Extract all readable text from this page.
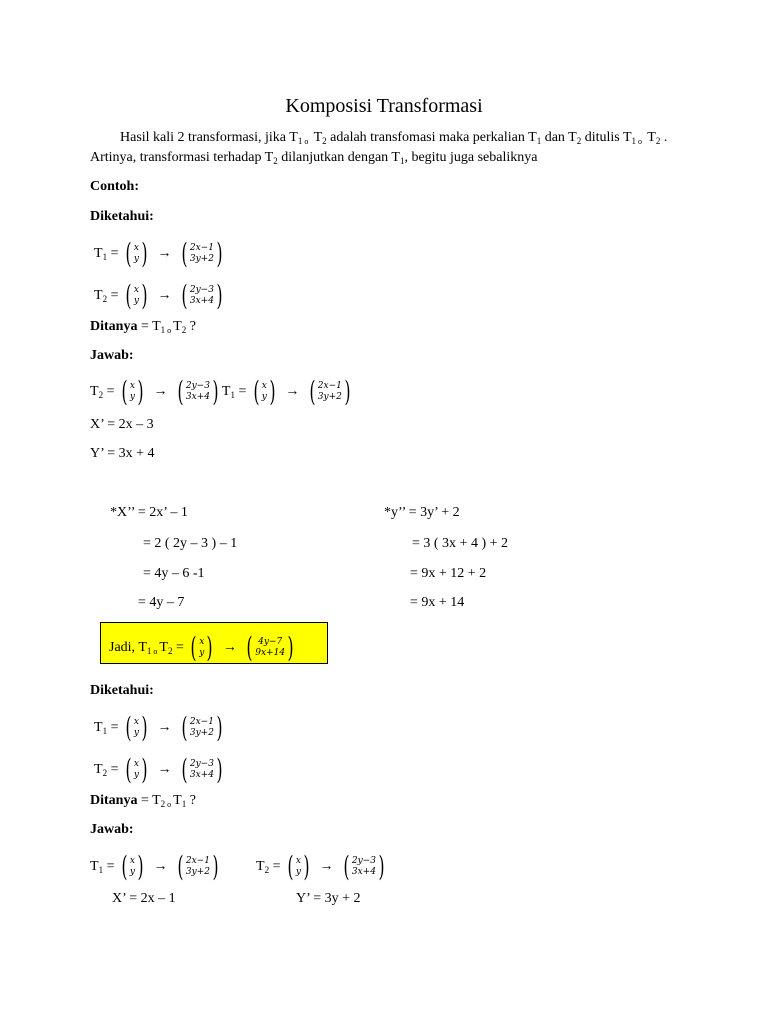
Komposisi Transformasi
Hasil kali 2 transformasi, jika $T_1$ $_o$ $T_2$ adalah transfomasi maka perkalian $T_1$ dan $T_2$ ditulis $T_1$ $_o$ $T_2$ . Artinya, transformasi terhadap $T_2$ dilanjutkan dengan $T_1$, begitu juga sebaliknya
Contoh:
Diketahui:
$T_1$ = ( x
y ) → ( 2x−1
3y+2 )
$T_2$ = ( x
y ) → ( 2y−3
3x+4 )
Ditanya = $T_1$ $_o$ $T_2$ ?
Jawab:
$T_2$ = ( x
y ) → ( 2y−3
3x+4 ) $T_1$ = ( x
y ) → ( 2x−1
3y+2 )
X’ = 2x – 3
Y’ = 3x + 4
*X’’ = 2x’ – 1
= 2 ( 2y – 3 ) – 1
= 4y – 6 -1
= 4y – 7
*y’’ = 3y’ + 2
= 3 ( 3x + 4 ) + 2
= 9x + 12 + 2
= 9x + 14
Jadi, $T_1$ $_o$ $T_2$ = ( x
y ) → ( 4y−7
9x+14 )
Diketahui:
$T_1$ = ( x
y ) → ( 2x−1
3y+2 )
$T_2$ = ( x
y ) → ( 2y−3
3x+4 )
Ditanya = $T_2$ $_o$ $T_1$ ?
Jawab:
$T_1$ = ( x
y ) → ( 2x−1
3y+2 )	$T_2$ = ( x
y ) → ( 2y−3
3x+4 )
X’ = 2x – 1	Y’ = 3y + 2
